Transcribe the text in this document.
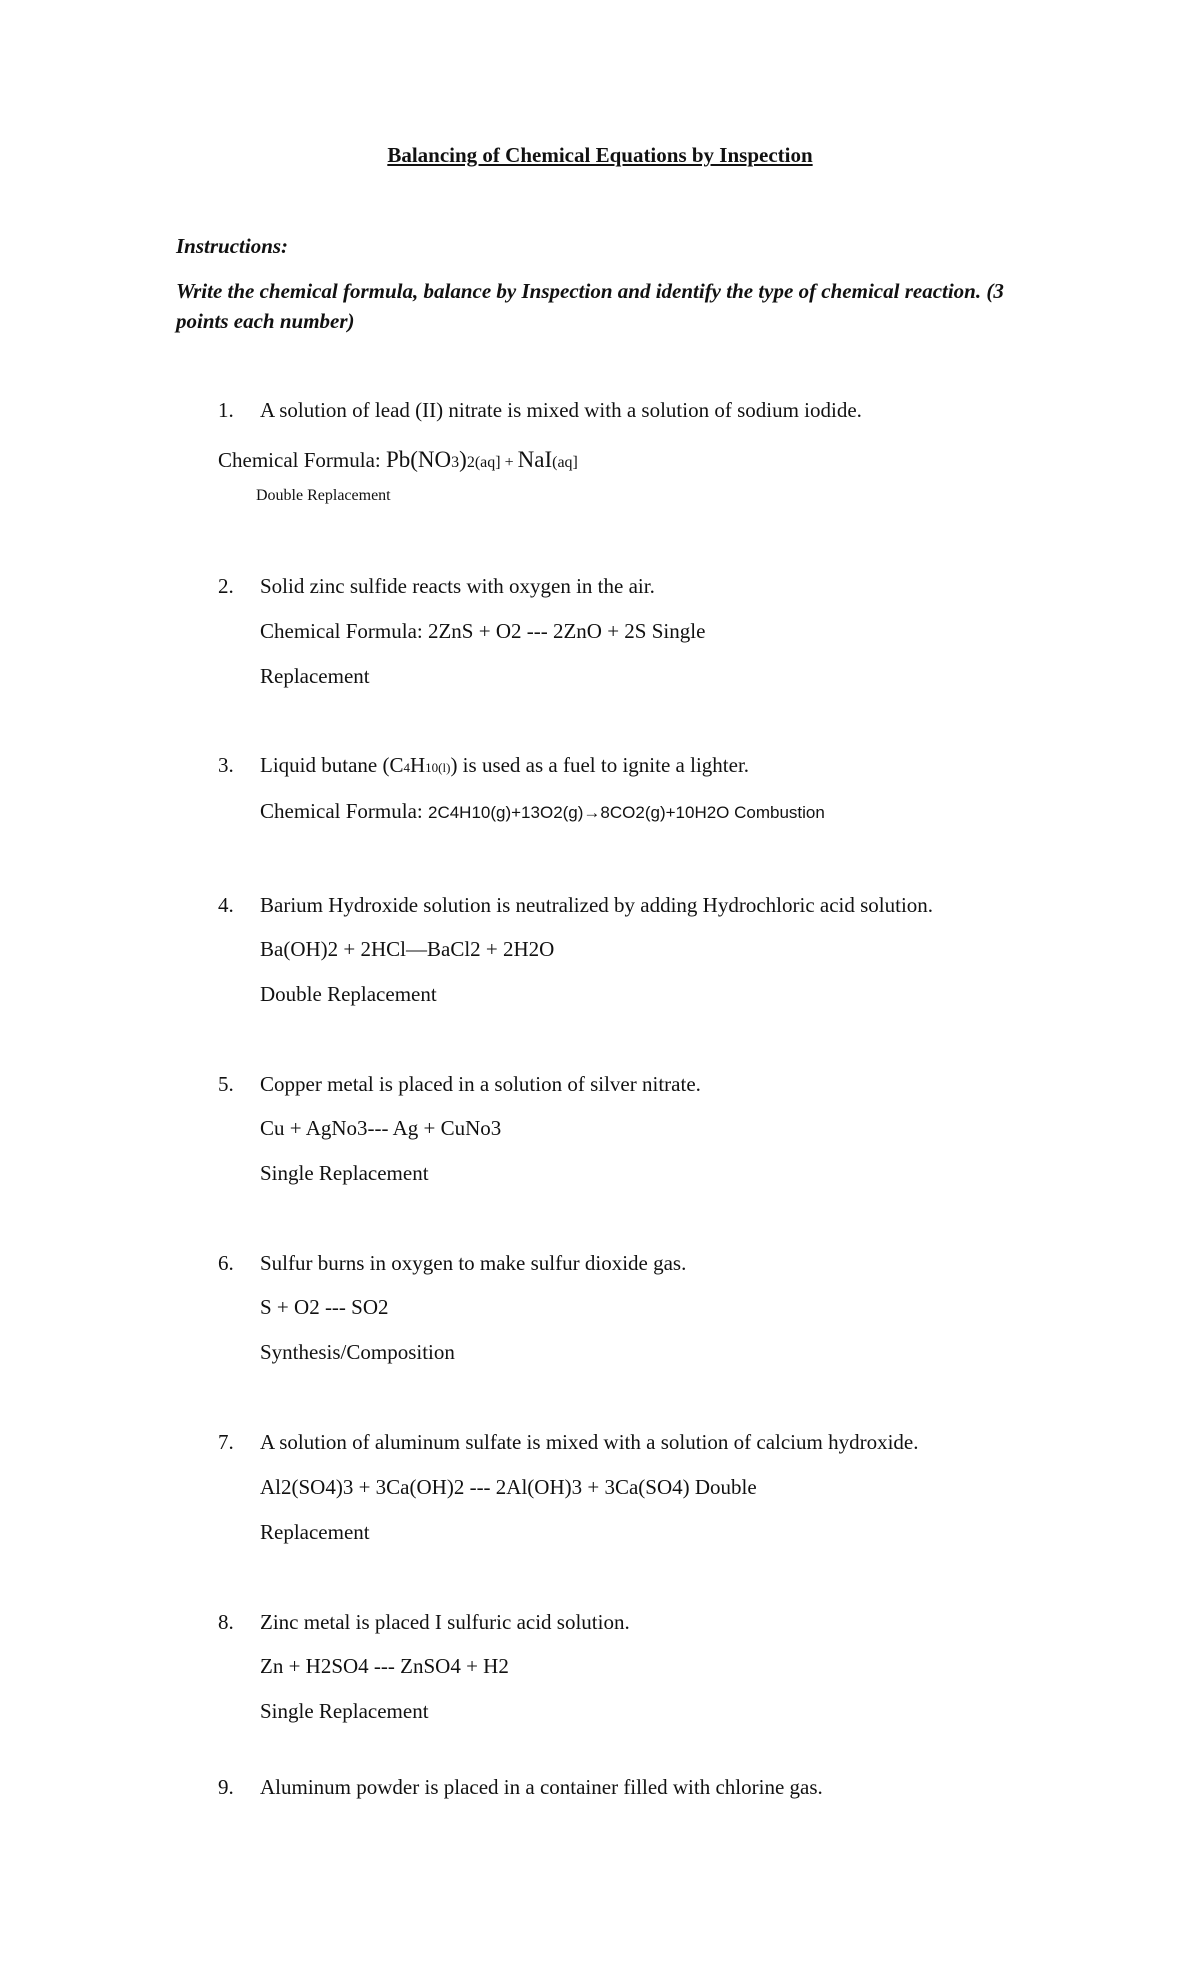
Balancing of Chemical Equations by Inspection
Instructions:
Write the chemical formula, balance by Inspection and identify the type of chemical reaction. (3 points each number)
1.	A solution of lead (II) nitrate is mixed with a solution of sodium iodide.
Chemical Formula: Pb(NO3)2(aq] + NaI(aq]
Double Replacement
2.	Solid zinc sulfide reacts with oxygen in the air.
Chemical Formula: 2ZnS + O2 --- 2ZnO + 2S Single
Replacement
3.	Liquid butane (C4H10(l)) is used as a fuel to ignite a lighter.
Chemical Formula: 2C4H10(g)+13O2(g)→8CO2(g)+10H2O Combustion
4.	Barium Hydroxide solution is neutralized by adding Hydrochloric acid solution.
Ba(OH)2 + 2HCl—BaCl2 + 2H2O
Double Replacement
5.	Copper metal is placed in a solution of silver nitrate.
Cu + AgNo3--- Ag + CuNo3
Single Replacement
6.	Sulfur burns in oxygen to make sulfur dioxide gas.
S + O2 --- SO2
Synthesis/Composition
7.	A solution of aluminum sulfate is mixed with a solution of calcium hydroxide.
Al2(SO4)3 + 3Ca(OH)2 --- 2Al(OH)3 + 3Ca(SO4) Double
Replacement
8.	Zinc metal is placed I sulfuric acid solution.
Zn + H2SO4 --- ZnSO4 + H2
Single Replacement
9.	Aluminum powder is placed in a container filled with chlorine gas.
